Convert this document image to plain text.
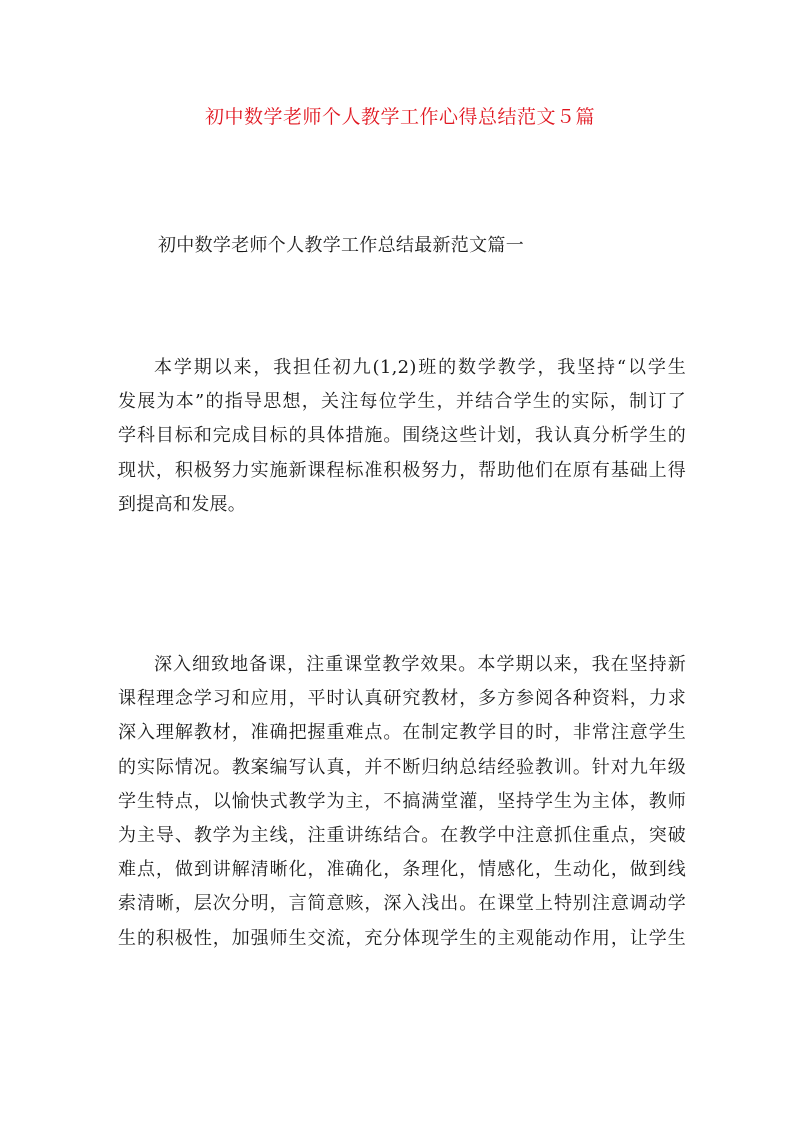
初中数学老师个人教学工作心得总结范文５篇
初中数学老师个人教学工作总结最新范文篇一
本学期以来，我担任初九(1,2)班的数学教学，我坚持“以学生
发展为本”的指导思想，关注每位学生，并结合学生的实际，制订了
学科目标和完成目标的具体措施。围绕这些计划，我认真分析学生的
现状，积极努力实施新课程标准积极努力，帮助他们在原有基础上得
到提高和发展。
深入细致地备课，注重课堂教学效果。本学期以来，我在坚持新
课程理念学习和应用，平时认真研究教材，多方参阅各种资料，力求
深入理解教材，准确把握重难点。在制定教学目的时，非常注意学生
的实际情况。教案编写认真，并不断归纳总结经验教训。针对九年级
学生特点，以愉快式教学为主，不搞满堂灌，坚持学生为主体，教师
为主导、教学为主线，注重讲练结合。在教学中注意抓住重点，突破
难点，做到讲解清晰化，准确化，条理化，情感化，生动化，做到线
索清晰，层次分明，言简意赅，深入浅出。在课堂上特别注意调动学
生的积极性，加强师生交流，充分体现学生的主观能动作用，让学生
